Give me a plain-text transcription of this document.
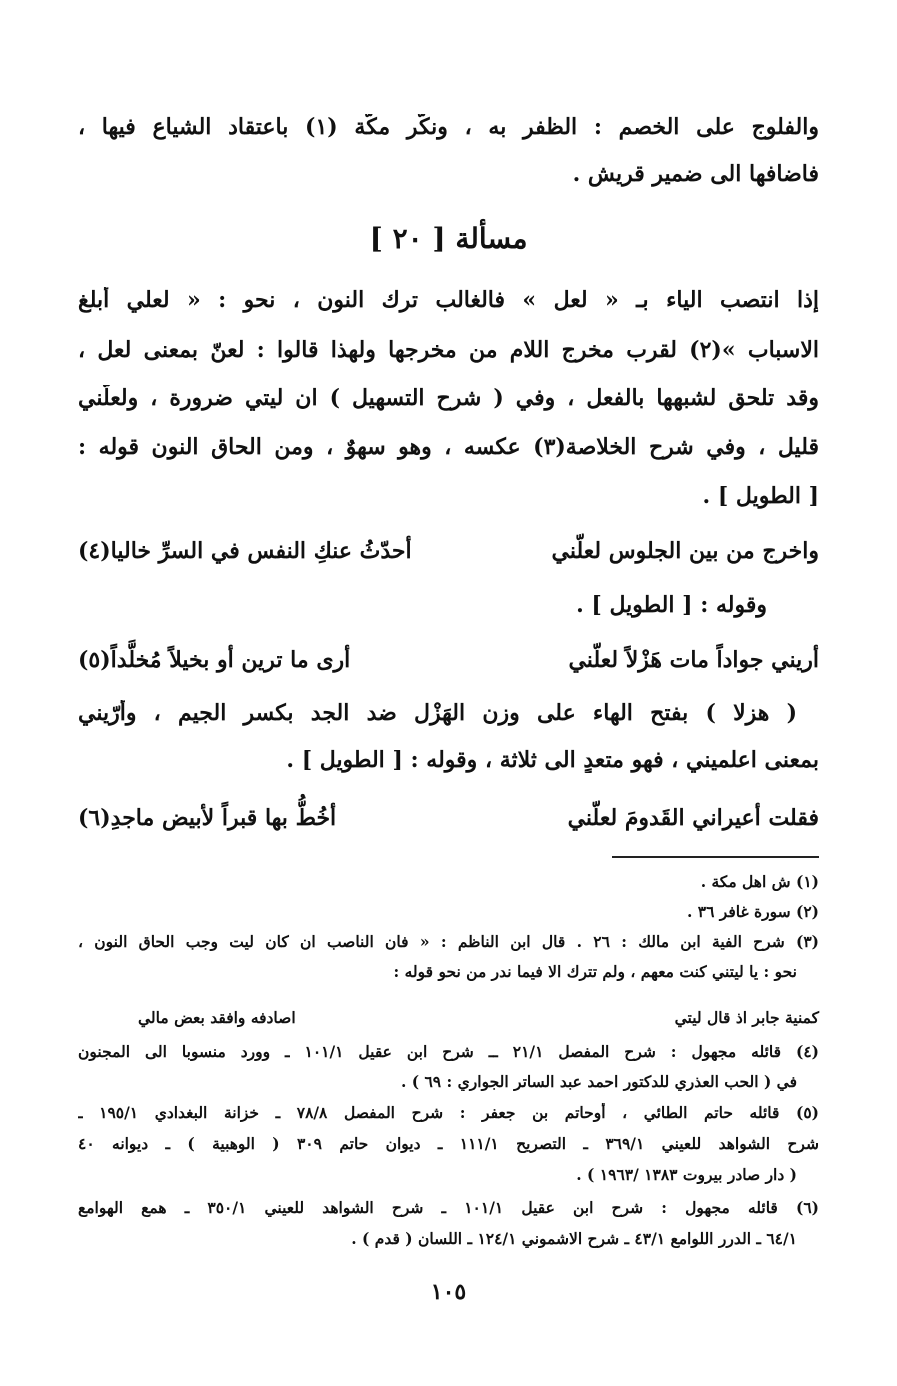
والفلوج على الخصم : الظفر به ، ونكّر مكّة (١) باعتقاد الشياع فيها ،
فاضافها الى ضمير قريش .
مسألة [ ٢٠ ]
إذا انتصب الياء بـ « لعل » فالغالب ترك النون ، نحو : « لعلي أبلغ
الاسباب »(٢) لقرب مخرج اللام من مخرجها ولهذا قالوا : لعنّ بمعنى لعل ،
وقد تلحق لشبهها بالفعل ، وفي ( شرح التسهيل ) ان ليتي ضرورة ، ولعلّني
قليل ، وفي شرح الخلاصة(٣) عكسه ، وهو سهوٌ ، ومن الحاق النون قوله :
[ الطويل ] .
واخرج من بين الجلوس لعلّني
أحدّثُ عنكِ النفس في السرِّ خاليا(٤)
وقوله : [ الطويل ] .
أريني جواداً مات هَزْلاً لعلّني
أرى ما ترين أو بخيلاً مُخلَّداً(٥)
( هزلا ) بفتح الهاء على وزن الهَزْل ضد الجد بكسر الجيم ، وأرّيني
بمعنى اعلميني ، فهو متعدٍ الى ثلاثة ، وقوله : [ الطويل ] .
فقلت أعيراني القَدومَ لعلّني
أخُطُّ بها قبراً لأبيض ماجدِ(٦)
(١) ش اهل مكة .
(٢) سورة غافر ٣٦ .
(٣) شرح الفية ابن مالك : ٢٦ . قال ابن الناظم : « فان الناصب ان كان ليت وجب الحاق النون ،
نحو : يا ليتني كنت معهم ، ولم تترك الا فيما ندر من نحو قوله :
كمنية جابر اذ قال ليتي
اصادفه وافقد بعض مالي
(٤) قائله مجهول : شرح المفصل ٢١/١ ــ شرح ابن عقيل ١٠١/١ ـ وورد منسوبا الى المجنون
في ( الحب العذري للدكتور احمد عبد الساتر الجواري : ٦٩ ) .
(٥) قائله حاتم الطائي ، أوحاتم بن جعفر : شرح المفصل ٧٨/٨ ـ خزانة البغدادي ١٩٥/١ ـ
شرح الشواهد للعيني ٣٦٩/١ ـ التصريح ١١١/١ ـ ديوان حاتم ٣٠٩ ( الوهبية ) ـ ديوانه ٤٠
( دار صادر بيروت ١٣٨٣ /١٩٦٣ ) .
(٦) قائله مجهول : شرح ابن عقيل ١٠١/١ ـ شرح الشواهد للعيني ٣٥٠/١ ـ همع الهوامع
٦٤/١ ـ الدرر اللوامع ٤٣/١ ـ شرح الاشموني ١٢٤/١ ـ اللسان ( قدم ) .
١٠٥
